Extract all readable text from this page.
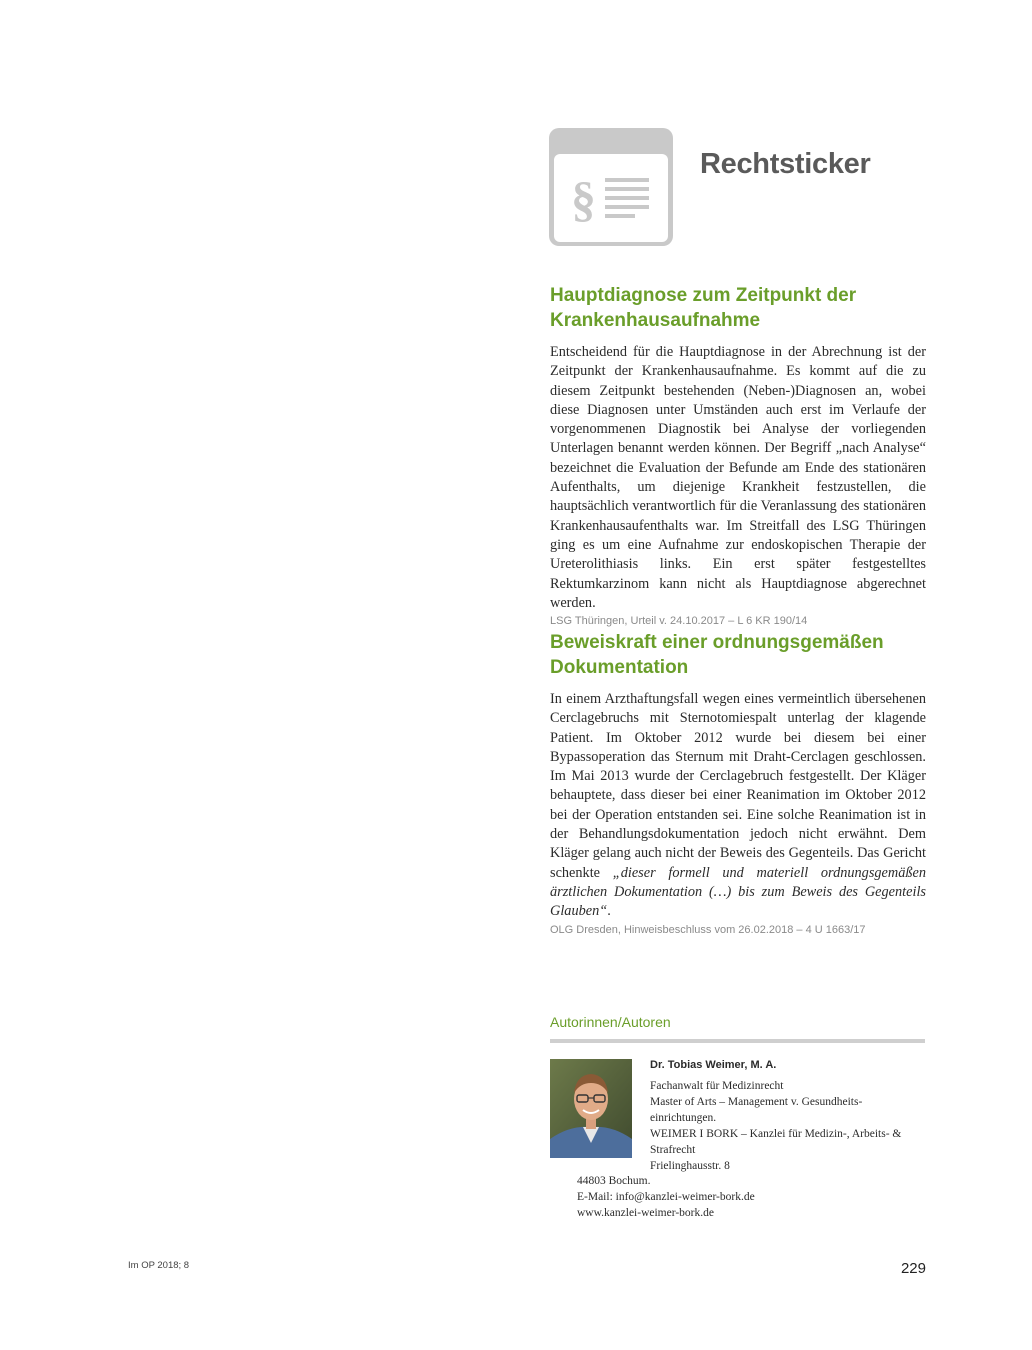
§
Rechtsticker
Hauptdiagnose zum Zeitpunkt der
Krankenhausaufnahme

Entscheidend für die Hauptdiagnose in der Abrechnung ist der Zeitpunkt der Krankenhausaufnahme. Es kommt auf die zu diesem Zeitpunkt bestehenden (Neben-)Diagnosen an, wobei diese Diagnosen unter Umständen auch erst im Verlaufe der vorgenommenen Diagnostik bei Analyse der vorliegenden Unterlagen benannt werden können. Der Begriff „nach Analyse“ bezeichnet die Evaluation der Befunde am Ende des stationären Aufenthalts, um diejenige Krankheit festzustellen, die hauptsächlich verantwortlich für die Veranlassung des stationären Krankenhausaufenthalts war. Im Streitfall des LSG Thüringen ging es um eine Aufnahme zur endoskopischen Therapie der Ureterolithiasis links. Ein erst später festgestelltes Rektumkarzinom kann nicht als Hauptdiagnose abgerechnet werden.

LSG Thüringen, Urteil v. 24.10.2017 – L 6 KR 190/14
Beweiskraft einer ordnungsgemäßen
Dokumentation

In einem Arzthaftungsfall wegen eines vermeintlich übersehenen Cerclagebruchs mit Sternotomiespalt unterlag der klagende Patient. Im Oktober 2012 wurde bei diesem bei einer Bypassoperation das Sternum mit Draht-Cerclagen geschlossen. Im Mai 2013 wurde der Cerclagebruch festgestellt. Der Kläger behauptete, dass dieser bei einer Reanimation im Oktober 2012 bei der Operation entstanden sei. Eine solche Reanimation ist in der Behandlungsdokumentation jedoch nicht erwähnt. Dem Kläger gelang auch nicht der Beweis des Gegenteils. Das Gericht schenkte „dieser formell und materiell ordnungsgemäßen ärztlichen Dokumentation (…) bis zum Beweis des Gegenteils Glauben“.

OLG Dresden, Hinweisbeschluss vom 26.02.2018 – 4 U 1663/17
Autorinnen/Autoren
Dr. Tobias Weimer, M. A.
Fachanwalt für Medizinrecht
Master of Arts – Management v. Gesundheits-einrichtungen.
WEIMER I BORK – Kanzlei für Medizin-, Arbeits- & Strafrecht
Frielinghausstr. 8
44803 Bochum.
E-Mail: info@kanzlei-weimer-bork.de
www.kanzlei-weimer-bork.de
Im OP 2018; 8	229
